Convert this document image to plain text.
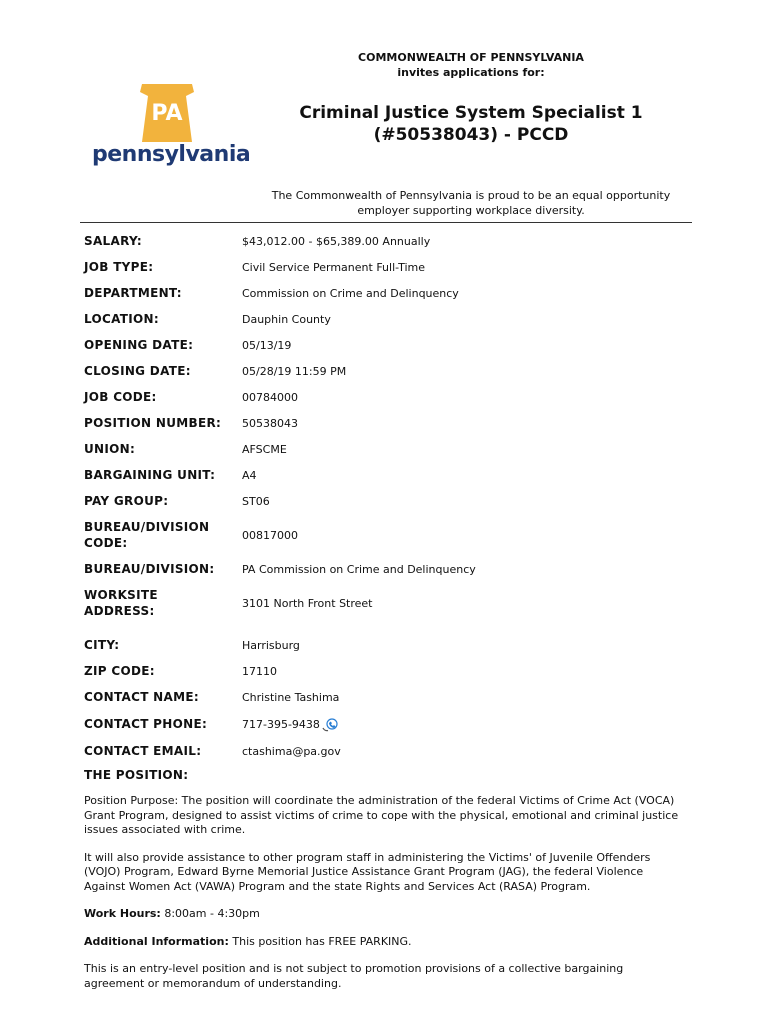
PA
pennsylvania
COMMONWEALTH OF PENNSYLVANIA
invites applications for:
Criminal Justice System Specialist 1
(#50538043) - PCCD
The Commonwealth of Pennsylvania is proud to be an equal opportunity
employer supporting workplace diversity.
SALARY:	$43,012.00 - $65,389.00 Annually
JOB TYPE:	Civil Service Permanent Full-Time
DEPARTMENT:	Commission on Crime and Delinquency
LOCATION:	Dauphin County
OPENING DATE:	05/13/19
CLOSING DATE:	05/28/19 11:59 PM
JOB CODE:	00784000
POSITION NUMBER:	50538043
UNION:	AFSCME
BARGAINING UNIT:	A4
PAY GROUP:	ST06
BUREAU/DIVISION
CODE:
00817000
BUREAU/DIVISION:	PA Commission on Crime and Delinquency
WORKSITE
ADDRESS:
3101 North Front Street
CITY:	Harrisburg
ZIP CODE:	17110
CONTACT NAME:	Christine Tashima
CONTACT PHONE:	717-395-9438
CONTACT EMAIL:	ctashima@pa.gov
THE POSITION:

Position Purpose: The position will coordinate the administration of the federal Victims of Crime Act (VOCA) Grant Program, designed to assist victims of crime to cope with the physical, emotional and criminal justice issues associated with crime.

It will also provide assistance to other program staff in administering the Victims' of Juvenile Offenders (VOJO) Program, Edward Byrne Memorial Justice Assistance Grant Program (JAG), the federal Violence Against Women Act (VAWA) Program and the state Rights and Services Act (RASA) Program.

Work Hours: 8:00am - 4:30pm

Additional Information: This position has FREE PARKING.

This is an entry-level position and is not subject to promotion provisions of a collective bargaining agreement or memorandum of understanding.
